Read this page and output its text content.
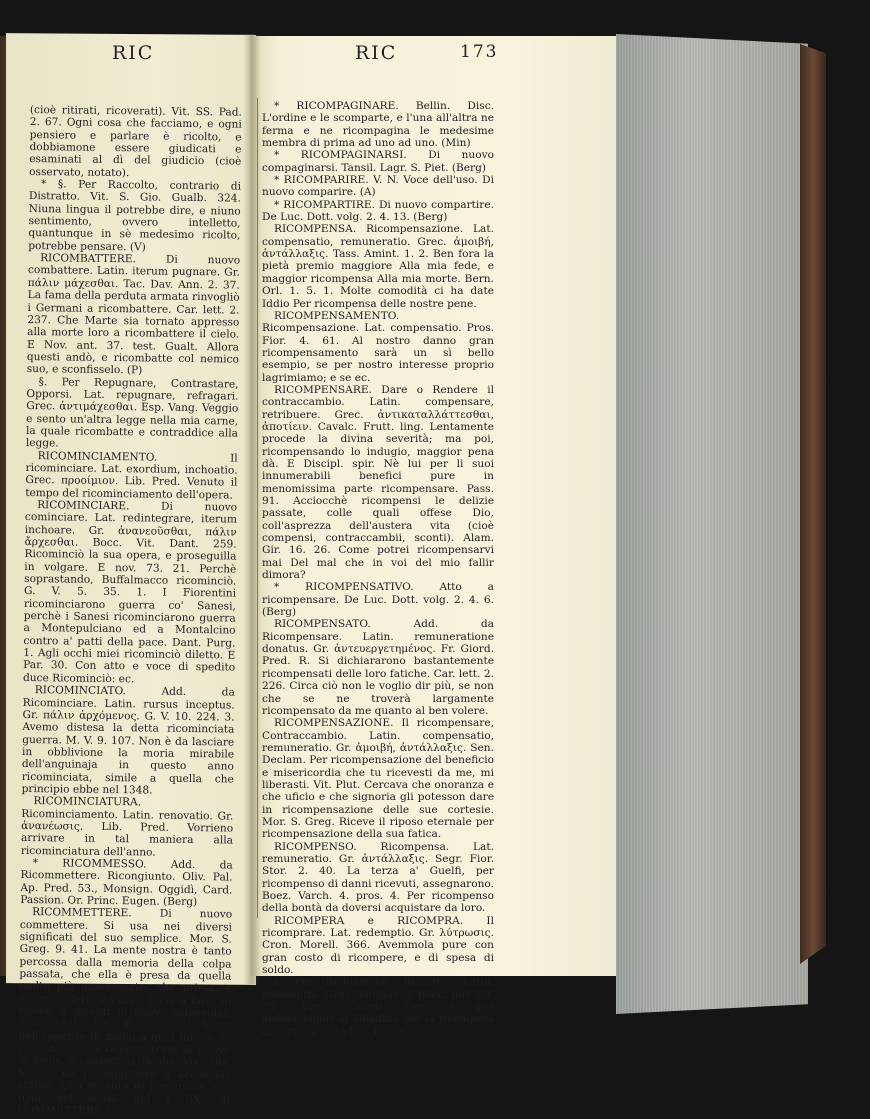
RIC	RIC	173

(cioè ritirati, ricoverati). Vit. SS. Pad. 2. 67. Ogni cosa che facciamo, e ogni pensiero e parlare è ricolto, e dobbiamone essere giudicati e esaminati al dì del giudicio (cioè osservato, notato).

* §. Per Raccolto, contrario di Distratto. Vit. S. Gio. Gualb. 324. Niuna lingua il potrebbe dire, e niuno sentimento, ovvero intelletto, quantunque in sè medesimo ricolto, potrebbe pensare. (V)

RICOMBATTERE. Di nuovo combattere. Latin. iterum pugnare. Gr. πάλιν μάχεσθαι. Tac. Dav. Ann. 2. 37. La fama della perduta armata rinvogliò i Germani a ricombattere. Car. lett. 2. 237. Che Marte sia tornato appresso alla morte loro a ricombattere il cielo. E Nov. ant. 37. test. Gualt. Allora questi andò, e ricombatte col nemico suo, e sconfisselo. (P)

§. Per Repugnare, Contrastare, Opporsi. Lat. repugnare, refragari. Grec. ἀντιμάχεσθαι. Esp. Vang. Veggio e sento un'altra legge nella mia carne, la quale ricombatte e contraddice alla legge.

RICOMINCIAMENTO. Il ricominciare. Lat. exordium, inchoatio. Grec. προοίμιον. Lib. Pred. Venuto il tempo del ricominciamento dell'opera.

RICOMINCIARE. Di nuovo cominciare. Lat. redintegrare, iterum inchoare. Gr. ἀνανεοῦσθαι, πάλιν ἄρχεσθαι. Bocc. Vit. Dant. 259. Ricominciò la sua opera, e proseguilla in volgare. E nov. 73. 21. Perchè soprastando, Buffalmacco ricominciò. G. V. 5. 35. 1. I Fiorentini ricominciarono guerra co' Sanesi, perchè i Sanesi ricominciarono guerra a Montepulciano ed a Montalcino contro a' patti della pace. Dant. Purg. 1. Agli occhi miei ricominciò diletto. E Par. 30. Con atto e voce di spedito duce Ricominciò: ec.

RICOMINCIATO. Add. da Ricominciare. Latin. rursus inceptus. Gr. πάλιν ἀρχόμενος. G. V. 10. 224. 3. Avemo distesa la detta ricominciata guerra. M. V. 9. 107. Non è da lasciare in obblivione la moria mirabile dell'anguinaja in questo anno ricominciata, simile a quella che principio ebbe nel 1348.

RICOMINCIATURA. Ricominciamento. Latin. renovatio. Gr. ἀνανέωσις. Lib. Pred. Vorrieno arrivare in tal maniera alla ricominciatura dell'anno.

* RICOMMESSO. Add. da Ricommettere. Ricongiunto. Oliv. Pal. Ap. Pred. 53., Monsign. Oggidì, Card. Passion. Or. Princ. Eugen. (Berg)

RICOMMETTERE. Di nuovo commettere. Si usa nei diversi significati del suo semplice. Mor. S. Greg. 9. 41. La mente nostra è tanto percossa dalla memoria della colpa passata, che ella è presa da quella molto più gravemente, che prima, a ricommetterla da capo (cioè a farla di nuovo, a divenir di nuovo colpevole). Salv. Dial. Am. E tratto il freno dell'appetito di mano a quel furore, lo ricommise alla ragione (cioè di nuovo lo diede, o consegnò). Baldin. Voc. Dis. Stucco da ricommettere o acconciar statue. Una mistura di pecegreca, ec. (Qui nel senso del §. IX. di COMMETTERE.)

* RICOMPAGINARE. Bellin. Disc. L'ordine e le scomparte, e l'una all'altra ne ferma e ne ricompagina le medesime membra di prima ad uno ad uno. (Min)

* RICOMPAGINARSI. Di nuovo compaginarsi. Tansil. Lagr. S. Piet. (Berg)

* RICOMPARIRE. V. N. Voce dell'uso. Di nuovo comparire. (A)

* RICOMPARTIRE. Di nuovo compartire. De Luc. Dott. volg. 2. 4. 13. (Berg)

RICOMPENSA. Ricompensazione. Lat. compensatio, remuneratio. Grec. ἀμοιβή, ἀντάλλαξις. Tass. Amint. 1. 2. Ben fora la pietà premio maggiore Alla mia fede, e maggior ricompensa Alla mia morte. Bern. Orl. 1. 5. 1. Molte comodità ci ha date Iddio Per ricompensa delle nostre pene.

RICOMPENSAMENTO. Ricompensazione. Lat. compensatio. Pros. Fior. 4. 61. Al nostro danno gran ricompensamento sarà un sì bello esempio, se per nostro interesse proprio lagrimiamo; e se ec.

RICOMPENSARE. Dare o Rendere il contraccambio. Latin. compensare, retribuere. Grec. ἀντικαταλλάττεσθαι, ἀποτίειν. Cavalc. Frutt. ling. Lentamente procede la divina severità; ma poi, ricompensando lo indugio, maggior pena dà. E Discipl. spir. Nè lui per li suoi innumerabili benefici pure in menomissima parte ricompensare. Pass. 91. Acciocchè ricompensi le delizie passate, colle quali offese Dio, coll'asprezza dell'austera vita (cioè compensi, contraccambii, sconti). Alam. Gir. 16. 26. Come potrei ricompensarvi mai Del mal che in voi del mio fallir dimora?

* RICOMPENSATIVO. Atto a ricompensare. De Luc. Dott. volg. 2. 4. 6. (Berg)

RICOMPENSATO. Add. da Ricompensare. Latin. remuneratione donatus. Gr. ἀντευεργετημένος. Fr. Giord. Pred. R. Si dichiararono bastantemente ricompensati delle loro fatiche. Car. lett. 2. 226. Circa ciò non le voglio dir più, se non che se ne troverà largamente ricompensato da me quanto al ben volere.

RICOMPENSAZIONE. Il ricompensare, Contraccambio. Latin. compensatio, remuneratio. Gr. ἀμοιβή, ἀντάλλαξις. Sen. Declam. Per ricompensazione del beneficio e misericordia che tu ricevesti da me, mi liberasti. Vit. Plut. Cercava che onoranza e che uficio e che signoria gli potesson dare in ricompensazione delle sue cortesie. Mor. S. Greg. Riceve il riposo eternale per ricompensazione della sua fatica.

RICOMPENSO. Ricompensa. Lat. remuneratio. Gr. ἀντάλλαξις. Segr. Fior. Stor. 2. 40. La terza a' Guelfi, per ricompenso di danni ricevuti, assegnarono. Boez. Varch. 4. pros. 4. Per ricompenso della bontà da doversi acquistare da loro.

RICOMPERA e RICOMPRA. Il ricomprare. Lat. redemptio. Gr. λύτρωσις. Cron. Morell. 366. Avemmola pure con gran costo di ricompere, e di spesa di soldo.

§. Per Redenzione, Riscatto. Latin. redemptio. Grec. λύτρωσις. Bocc. nov. 99. 25. Venuti certi Genovesi per ambasciadori al Saladino per la ricompera di certi lor cittadini. Franc.
